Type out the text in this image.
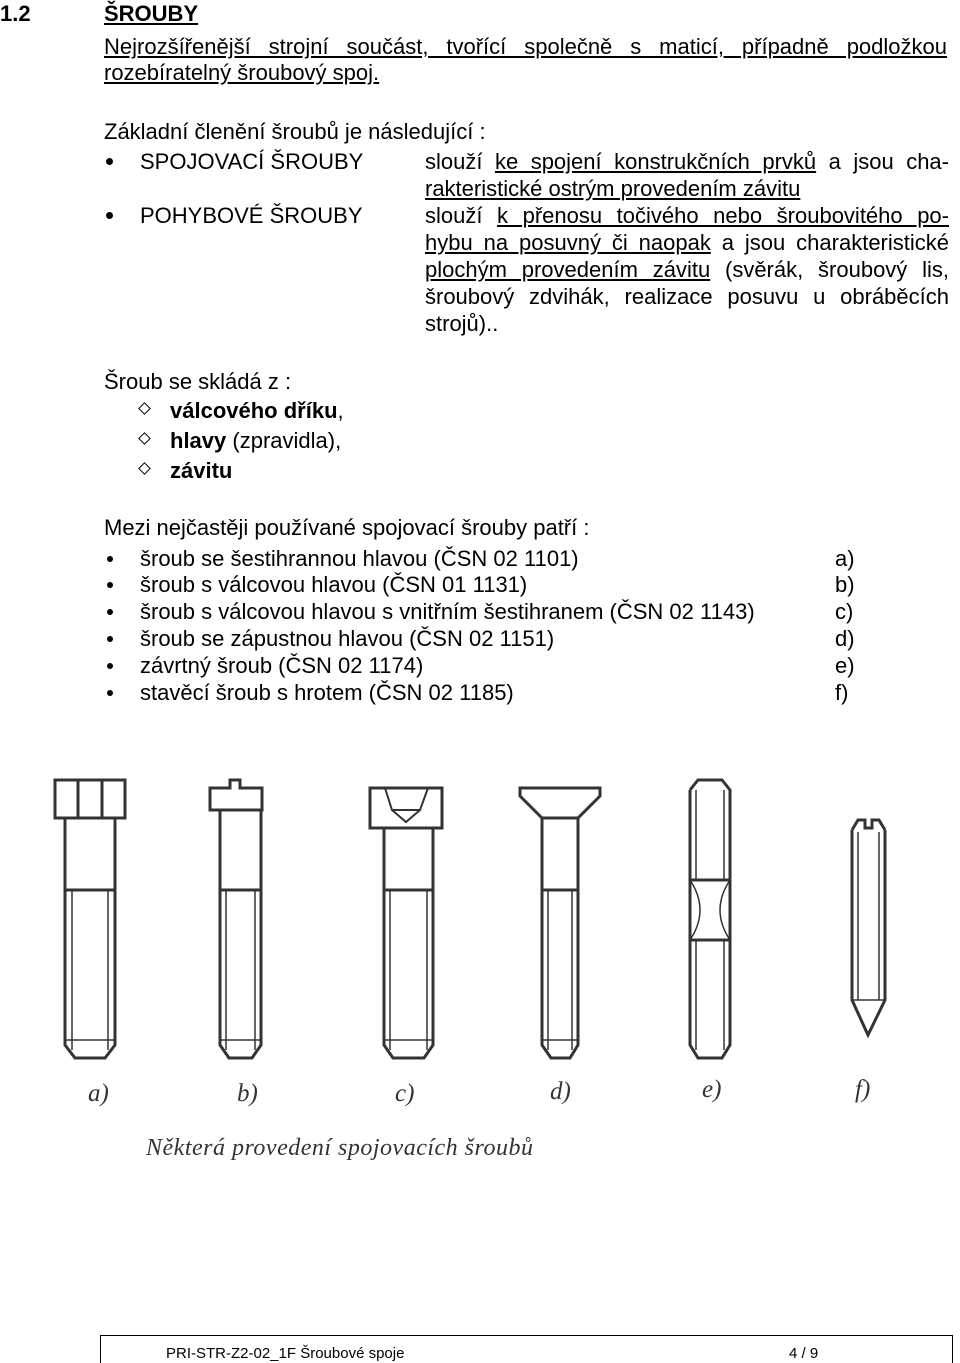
1.2	ŠROUBY
Nejrozšířenější strojní součást, tvořící společně s maticí, případně podložkou
rozebíratelný šroubový spoj.
Základní členění šroubů je následující :
SPOJOVACÍ ŠROUBY	slouží ke spojení konstrukčních prvků a jsou cha-
rakteristické ostrým provedením závitu
POHYBOVÉ ŠROUBY	slouží k přenosu točivého nebo šroubovitého po-
hybu na posuvný či naopak a jsou charakteristické
plochým provedením závitu (svěrák, šroubový lis,
šroubový zdvihák, realizace posuvu u obráběcích
strojů)..
Šroub se skládá z :
válcového dříku,
hlavy (zpravidla),
závitu
Mezi nejčastěji používané spojovací šrouby patří :
šroub se šestihrannou hlavou (ČSN 02 1101)	a)
šroub s válcovou hlavou (ČSN 01 1131)	b)
šroub s válcovou hlavou s vnitřním šestihranem (ČSN 02 1143)	c)
šroub se zápustnou hlavou (ČSN 02 1151)	d)
závrtný šroub (ČSN 02 1174)	e)
stavěcí šroub s hrotem (ČSN 02 1185)	f)
a)	b)	c)	d)	e)	f)
Některá provedení spojovacích šroubů
PRI-STR-Z2-02_1F Šroubové spoje	4 / 9
